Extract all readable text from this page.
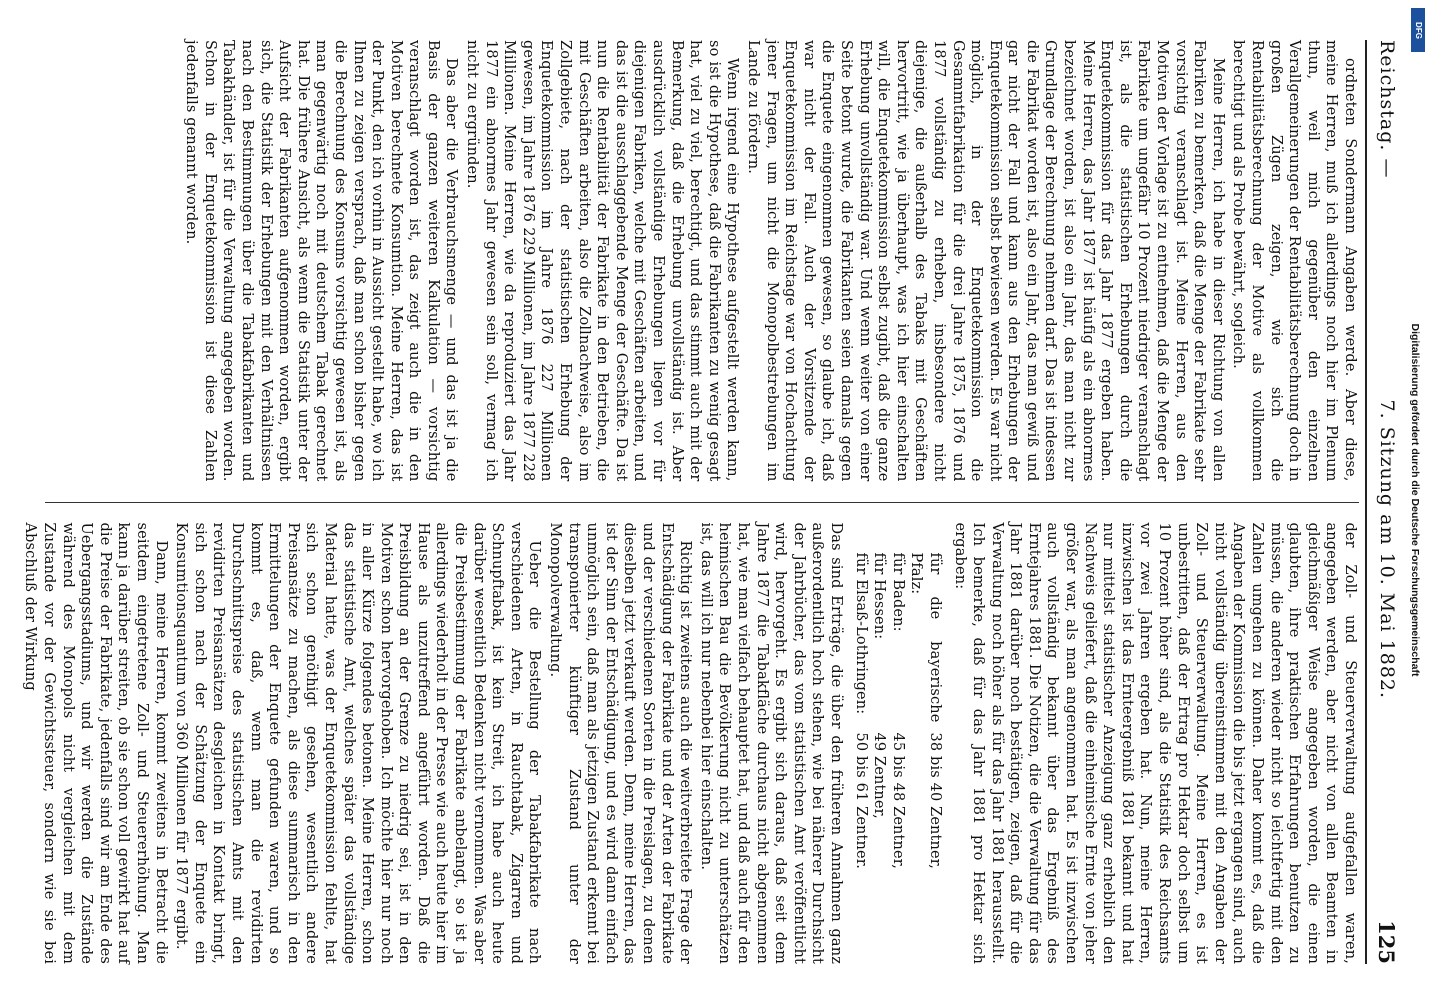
Reichstag. —
7. Sitzung am 10. Mai 1882.
125

ordneten Sondermann Angaben werde. Aber diese, meine Herren, muß ich allerdings noch hier im Plenum thun, weil mich gegenüber den einzelnen Verallgemeinerungen der Rentabilitätsberechnung doch in großen Zügen zeigen, wie sich die Rentabilitätsberechnung der Motive als vollkommen berechtigt und als Probe bewährt, sogleich.

Meine Herren, ich habe in dieser Richtung von allen Fabriken zu bemerken, daß die Menge der Fabrikate sehr vorsichtig veranschlagt ist. Meine Herren, aus den Motiven der Vorlage ist zu entnehmen, daß die Menge der Fabrikate um ungefähr 10 Prozent niedriger veranschlagt ist, als die statistischen Erhebungen durch die Enquetekommission für das Jahr 1877 ergeben haben. Meine Herren, das Jahr 1877 ist häufig als ein abnormes bezeichnet worden, ist also ein Jahr, das man nicht zur Grundlage der Berechnung nehmen darf. Das ist indessen die Fabrikat worden ist, also ein Jahr, das man gewiß und gar nicht der Fall und kann aus den Erhebungen der Enquetekommission selbst bewiesen werden. Es war nicht möglich, in der Enquetekommission die Gesammtfabrikation für die drei Jahre 1875, 1876 und 1877 vollständig zu erheben, insbesondere nicht diejenige, die außerhalb des Tabaks mit Geschäften hervortritt, wie ja überhaupt, was ich hier einschalten will, die Enquetekommission selbst zugibt, daß die ganze Erhebung unvollständig war. Und wenn weiter von einer Seite betont wurde, die Fabrikanten seien damals gegen die Enquete eingenommen gewesen, so glaube ich, daß war nicht der Fall. Auch der Vorsitzende der Enquetekommission im Reichstage war von Hochachtung jener Fragen, um nicht die Monopolbestrebungen im Lande zu fördern.

Wenn irgend eine Hypothese aufgestellt werden kann, so ist die Hypothese, daß die Fabrikanten zu wenig gesagt hat, viel zu viel, berechtigt, und das stimmt auch mit der Bemerkung, daß die Erhebung unvollständig ist. Aber ausdrücklich vollständige Erhebungen liegen vor für diejenigen Fabriken, welche mit Geschäften arbeiten, und das ist die ausschlaggebende Menge der Geschäfte. Da ist nun die Rentabilität der Fabrikate in den Betrieben, die mit Geschäften arbeiten, also die Zollnachweise, also im Zollgebiete, nach der statistischen Erhebung der Enquetekommission im Jahre 1876 227 Millionen gewesen, im Jahre 1876 229 Millionen, im Jahre 1877 228 Millionen. Meine Herren, wie da reproduziert das Jahr 1877 ein abnormes Jahr gewesen sein soll, vermag ich nicht zu ergründen.

Das aber die Verbrauchsmenge — und das ist ja die Basis der ganzen weiteren Kalkulation — vorsichtig veranschlagt worden ist, das zeigt auch die in den Motiven berechnete Konsumtion. Meine Herren, das ist der Punkt, den ich vorhin in Aussicht gestellt habe, wo ich Ihnen zu zeigen versprach, daß man schon bisher gegen die Berechnung des Konsums vorsichtig gewesen ist, als man gegenwärtig noch mit deutschem Tabak gerechnet hat. Die frühere Ansicht, als wenn die Statistik unter der Aufsicht der Fabrikanten aufgenommen worden, ergibt sich, die Statistik der Erhebungen mit den Verhältnissen nach den Bestimmungen über die Tabakfabrikanten und Tabakhändler, ist für die Verwaltung angegeben worden. Schon in der Enquetekommission ist diese Zahlen jedenfalls genannt worden.

der Zoll- und Steuerverwaltung aufgefallen waren, angegeben werden, aber nicht von allen Beamten in gleichmäßiger Weise angegeben worden, die einen glaubten, ihre praktischen Erfahrungen benutzen zu müssen, die anderen wieder nicht so leichtfertig mit den Zahlen umgehen zu können. Daher kommt es, daß die Angaben der Kommission die bis jetzt ergangen sind, auch nicht vollständig übereinstimmen mit den Angaben der Zoll- und Steuerverwaltung. Meine Herren, es ist unbestritten, daß der Ertrag pro Hektar doch selbst um 10 Prozent höher sind, als die Statistik des Reichsamts vor zwei Jahren ergeben hat. Nun, meine Herren, inzwischen ist das Ernteergebniß 1881 bekannt und hat nur mittelst statistischer Anzeigung ganz erheblich den Nachweis geliefert, daß die einheimische Ernte von jeher größer war, als man angenommen hat. Es ist inzwischen auch vollständig bekannt über das Ergebniß des Erntejahres 1881. Die Notizen, die die Verwaltung für das Jahr 1881 darüber noch bestätigen, zeigen, daß für die Verwaltung noch höher als für das Jahr 1881 herausstellt. Ich bemerke, daß für das Jahr 1881 pro Hektar sich ergaben:

für die bayerische Pfalz:
38 bis 40 Zentner,
für Baden:
45 bis 48 Zentner,
für Hessen:
49 Zentner,
für Elsaß-Lothringen:
50 bis 61 Zentner.

Das sind Erträge, die über den früheren Annahmen ganz außerordentlich hoch stehen, wie bei näherer Durchsicht der Jahrbücher, das vom statistischen Amt veröffentlicht wird, hervorgeht. Es ergibt sich daraus, daß seit dem Jahre 1877 die Tabakfläche durchaus nicht abgenommen hat, wie man vielfach behauptet hat, und daß auch für den heimischen Bau die Bevölkerung nicht zu unterschätzen ist, das will ich nur nebenbei hier einschalten.

Richtig ist zweitens auch die weitverbreitete Frage der Entschädigung der Fabrikate und der Arten der Fabrikate und der verschiedenen Sorten in die Preislagen, zu denen dieselben jetzt verkauft werden. Denn, meine Herren, das ist der Sinn der Entschädigung, und es wird dann einfach unmöglich sein, daß man als jetzigen Zustand erkennt bei transponierter künftiger Zustand unter der Monopolverwaltung.

Ueber die Bestellung der Tabakfabrikate nach verschiedenen Arten, in Rauchtabak, Zigarren und Schnupftabak, ist kein Streit, ich habe auch heute darüber wesentlich Bedenken nicht vernommen. Was aber die Preisbestimmung der Fabrikate anbelangt, so ist ja allerdings wiederholt in der Presse wie auch heute hier im Hause als unzutreffend angeführt worden. Daß die Preisbildung an der Grenze zu niedrig sei, ist in den Motiven schon hervorgehoben. Ich möchte hier nur noch in aller Kürze folgendes betonen. Meine Herren, schon das statistische Amt, welches später das vollständige Material hatte, was der Enquetekommission fehlte, hat sich schon genöthigt gesehen, wesentlich andere Preisansätze zu machen, als diese summarisch in den Ermittelungen der Enquete gefunden waren, und so kommt es, daß, wenn man die revidirten Durchschnittspreise des statistischen Amts mit den revidirten Preisansätzen desgleichen in Kontakt bringt, sich schon nach der Schätzung der Enquete ein Konsumtionsquantum von 360 Millionen für 1877 ergibt.

Dann, meine Herren, kommt zweitens in Betracht die seitdem eingetretene Zoll- und Steuererhöhung. Man kann ja darüber streiten, ob sie schon voll gewirkt hat auf die Preise der Fabrikate, jedenfalls sind wir am Ende des Uebergangsstadiums, und wir werden die Zustände während des Monopols nicht vergleichen mit dem Zustande vor der Gewichtssteuer, sondern wie sie bei Abschluß der Wirkung	Digitalisierung gefördert durch die Deutsche Forschungsgemeinschaft
DFG
